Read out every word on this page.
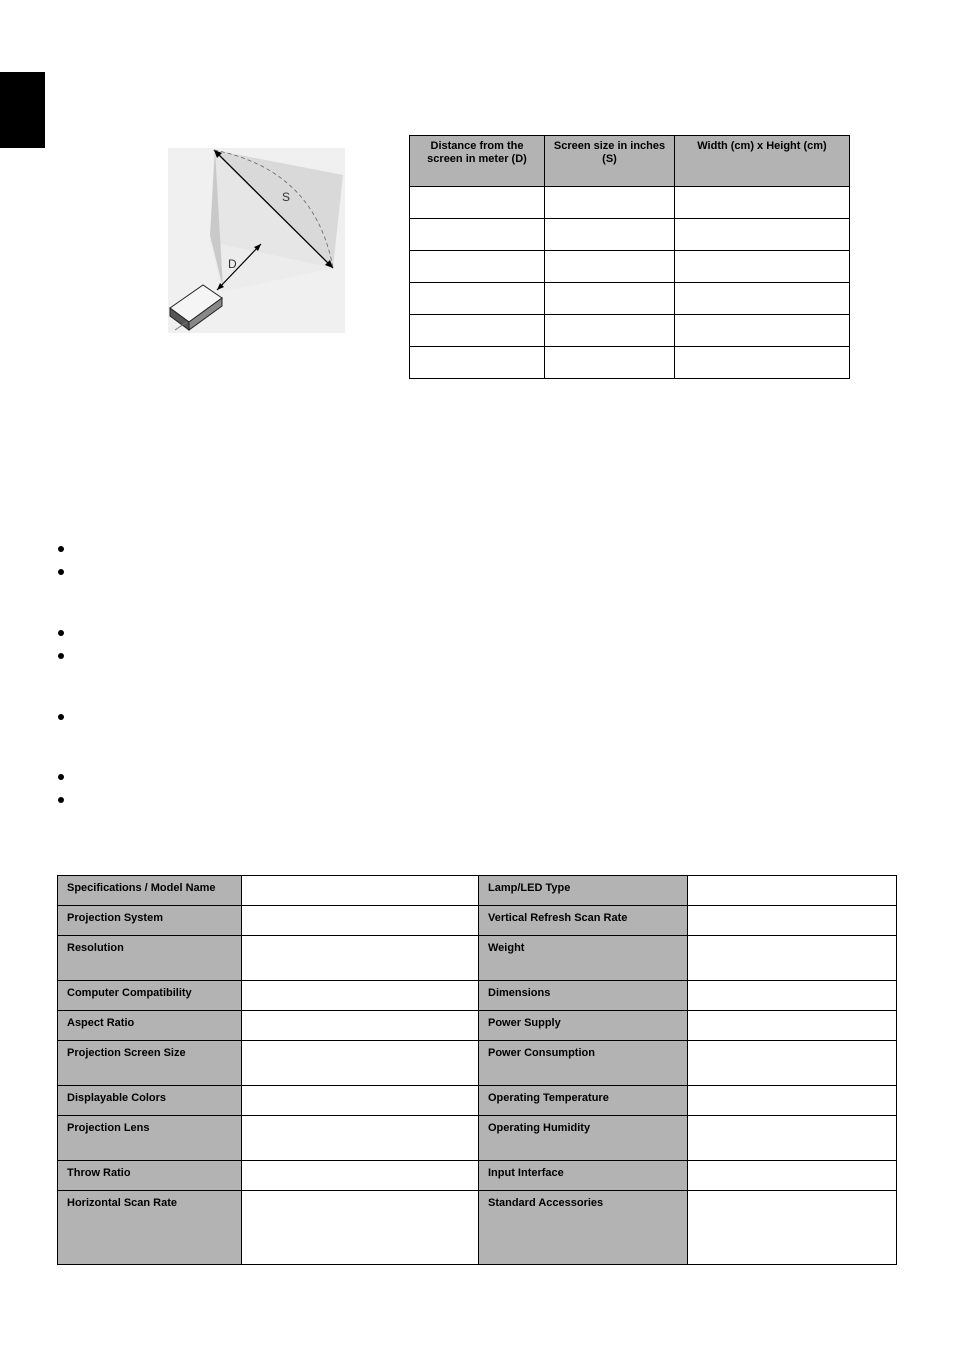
S
D
Distance from the screen in meter (D)	Screen size in inches (S)	Width (cm) x Height (cm)

Specifications / Model Name		Lamp/LED Type	
Projection System		Vertical Refresh Scan Rate	
Resolution		Weight	
Computer Compatibility		Dimensions	
Aspect Ratio		Power Supply	
Projection Screen Size		Power Consumption	
Displayable Colors		Operating Temperature	
Projection Lens		Operating Humidity	
Throw Ratio		Input Interface	
Horizontal Scan Rate		Standard Accessories	
